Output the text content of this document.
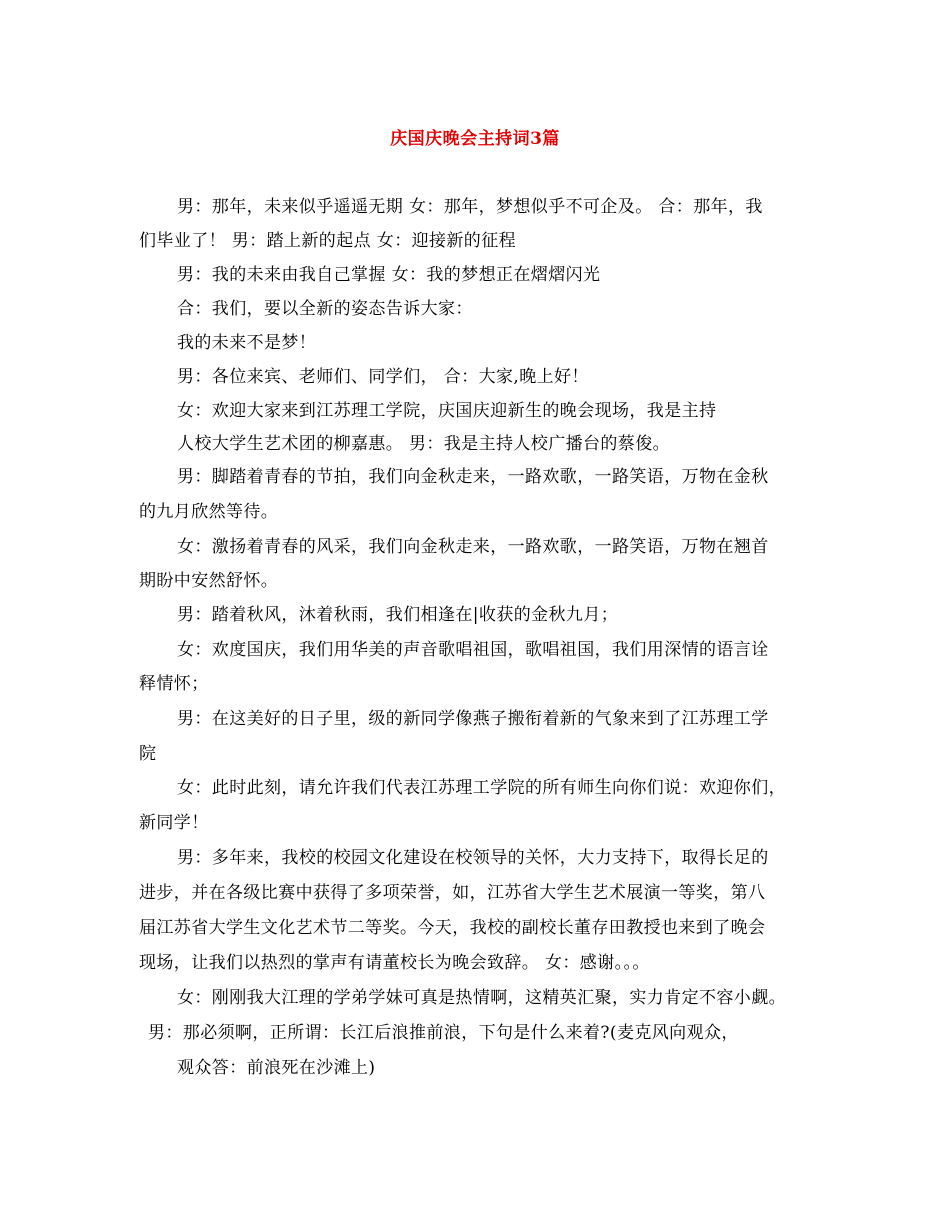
庆国庆晚会主持词3篇
男：那年，未来似乎遥遥无期 女：那年，梦想似乎不可企及。 合：那年，我
们毕业了！ 男：踏上新的起点 女：迎接新的征程
男：我的未来由我自己掌握 女：我的梦想正在熠熠闪光
合：我们，要以全新的姿态告诉大家：
我的未来不是梦！
男：各位来宾、老师们、同学们， 合：大家,晚上好！
女：欢迎大家来到江苏理工学院，庆国庆迎新生的晚会现场，我是主持
人校大学生艺术团的柳嘉惠。 男：我是主持人校广播台的蔡俊。
男：脚踏着青春的节拍，我们向金秋走来，一路欢歌，一路笑语，万物在金秋
的九月欣然等待。
女：激扬着青春的风采，我们向金秋走来，一路欢歌，一路笑语，万物在翘首
期盼中安然舒怀。
男：踏着秋风，沐着秋雨，我们相逢在|收获的金秋九月；
女：欢度国庆，我们用华美的声音歌唱祖国，歌唱祖国，我们用深情的语言诠
释情怀；
男：在这美好的日子里，级的新同学像燕子搬衔着新的气象来到了江苏理工学
院
女：此时此刻，请允许我们代表江苏理工学院的所有师生向你们说：欢迎你们，
新同学！
男：多年来，我校的校园文化建设在校领导的关怀，大力支持下，取得长足的
进步，并在各级比赛中获得了多项荣誉，如，江苏省大学生艺术展演一等奖，第八
届江苏省大学生文化艺术节二等奖。今天，我校的副校长董存田教授也来到了晚会
现场，让我们以热烈的掌声有请董校长为晚会致辞。 女：感谢。。。
女：刚刚我大江理的学弟学妹可真是热情啊，这精英汇聚，实力肯定不容小觑。
男：那必须啊，正所谓：长江后浪推前浪，下句是什么来着?(麦克风向观众，
观众答：前浪死在沙滩上)
